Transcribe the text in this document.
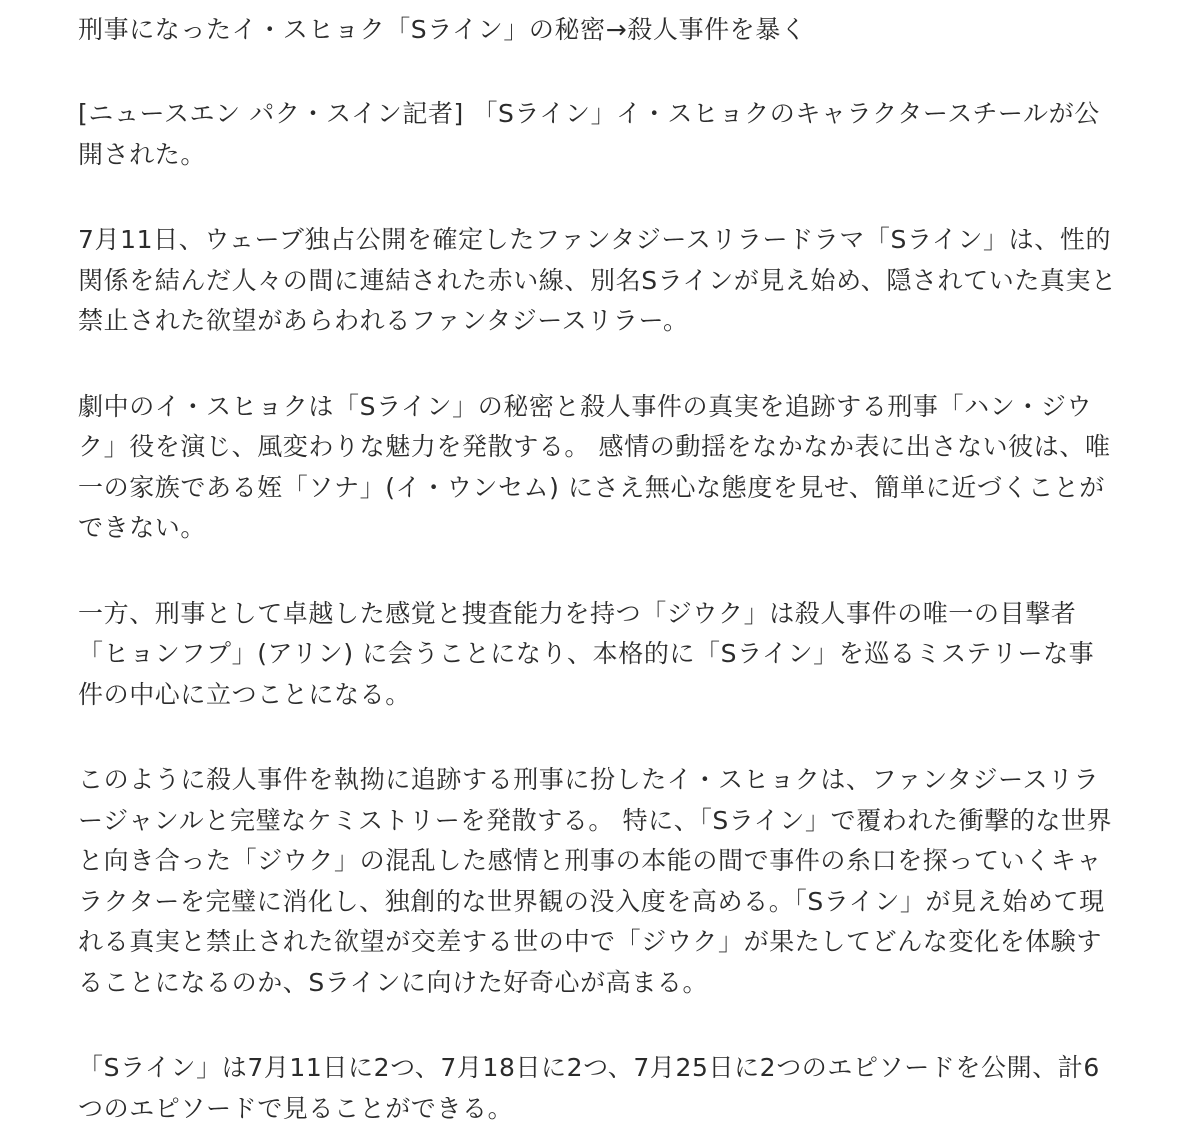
刑事になったイ・スヒョク「Sライン」の秘密→殺人事件を暴く

[ニュースエン パク・スイン記者] 「Sライン」イ・スヒョクのキャラクタースチールが公開された。

7月11日、ウェーブ独占公開を確定したファンタジースリラードラマ「Sライン」は、性的関係を結んだ人々の間に連結された赤い線、別名Sラインが見え始め、隠されていた真実と禁止された欲望があらわれるファンタジースリラー。

劇中のイ・スヒョクは「Sライン」の秘密と殺人事件の真実を追跡する刑事「ハン・ジウク」役を演じ、風変わりな魅力を発散する。 感情の動揺をなかなか表に出さない彼は、唯一の家族である姪「ソナ」(イ・ウンセム) にさえ無心な態度を見せ、簡単に近づくことができない。

一方、刑事として卓越した感覚と捜査能力を持つ「ジウク」は殺人事件の唯一の目撃者「ヒョンフプ」(アリン) に会うことになり、本格的に「Sライン」を巡るミステリーな事件の中心に立つことになる。

このように殺人事件を執拗に追跡する刑事に扮したイ・スヒョクは、ファンタジースリラージャンルと完璧なケミストリーを発散する。 特に、「Sライン」で覆われた衝撃的な世界と向き合った「ジウク」の混乱した感情と刑事の本能の間で事件の糸口を探っていくキャラクターを完璧に消化し、独創的な世界観の没入度を高める。「Sライン」が見え始めて現れる真実と禁止された欲望が交差する世の中で「ジウク」が果たしてどんな変化を体験することになるのか、Sラインに向けた好奇心が高まる。

「Sライン」は7月11日に2つ、7月18日に2つ、7月25日に2つのエピソードを公開、計6つのエピソードで見ることができる。
